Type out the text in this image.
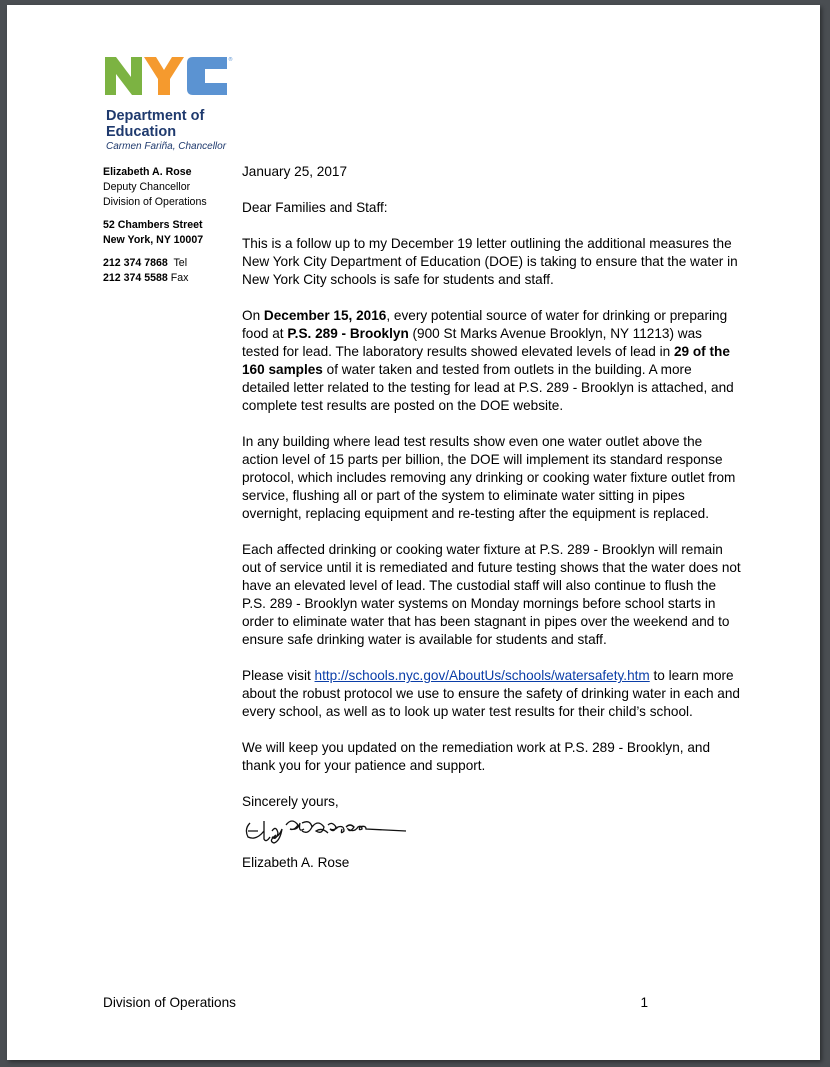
®
Department of
Education
Carmen Fariña, Chancellor
Elizabeth A. Rose
Deputy Chancellor
Division of Operations
52 Chambers Street
New York, NY 10007
212 374 7868 Tel
212 374 5588 Fax

January 25, 2017

Dear Families and Staff:

This is a follow up to my December 19 letter outlining the additional measures the New York City Department of Education (DOE) is taking to ensure that the water in New York City schools is safe for students and staff.

On December 15, 2016, every potential source of water for drinking or preparing food at P.S. 289 - Brooklyn (900 St Marks Avenue Brooklyn, NY 11213) was tested for lead. The laboratory results showed elevated levels of lead in 29 of the 160 samples of water taken and tested from outlets in the building. A more detailed letter related to the testing for lead at P.S. 289 - Brooklyn is attached, and complete test results are posted on the DOE website.

In any building where lead test results show even one water outlet above the action level of 15 parts per billion, the DOE will implement its standard response protocol, which includes removing any drinking or cooking water fixture outlet from service, flushing all or part of the system to eliminate water sitting in pipes overnight, replacing equipment and re-testing after the equipment is replaced.

Each affected drinking or cooking water fixture at P.S. 289 - Brooklyn will remain out of service until it is remediated and future testing shows that the water does not have an elevated level of lead. The custodial staff will also continue to flush the P.S. 289 - Brooklyn water systems on Monday mornings before school starts in order to eliminate water that has been stagnant in pipes over the weekend and to ensure safe drinking water is available for students and staff.

Please visit http://schools.nyc.gov/AboutUs/schools/watersafety.htm to learn more about the robust protocol we use to ensure the safety of drinking water in each and every school, as well as to look up water test results for their child’s school.

We will keep you updated on the remediation work at P.S. 289 - Brooklyn, and thank you for your patience and support.

Sincerely yours,
Elizabeth A. Rose
Division of Operations	1
